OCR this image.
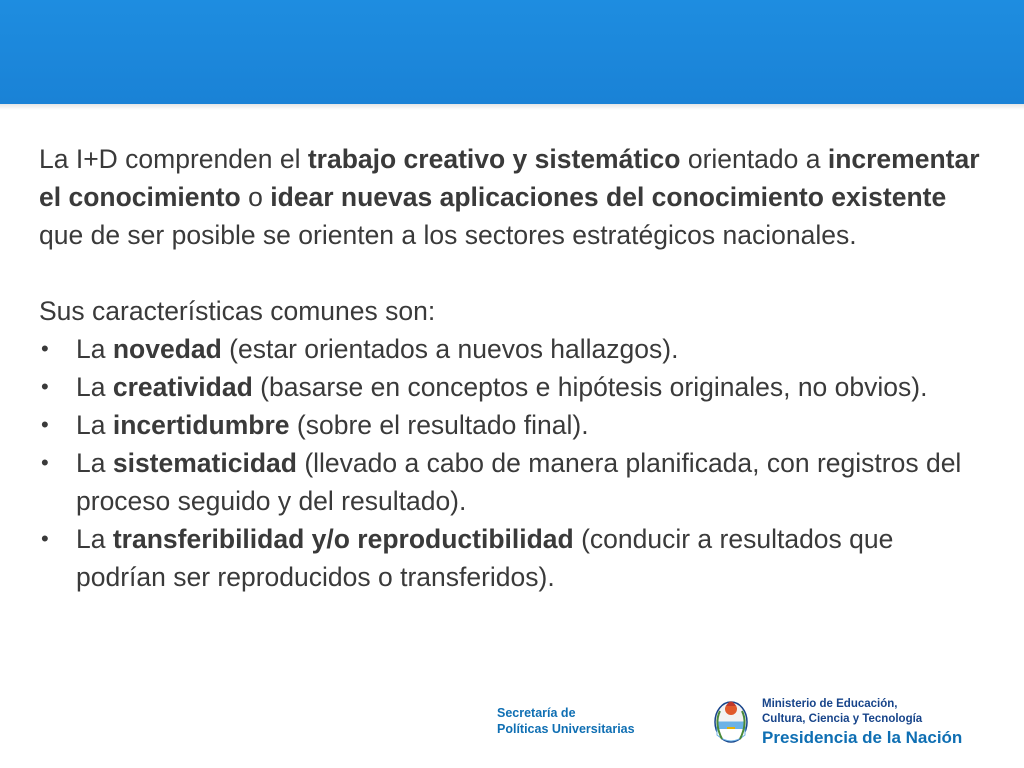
La I+D comprenden el trabajo creativo y sistemático orientado a incrementar el conocimiento o idear nuevas aplicaciones del conocimiento existente que de ser posible se orienten a los sectores estratégicos nacionales.

Sus características comunes son:

• La novedad (estar orientados a nuevos hallazgos).
• La creatividad (basarse en conceptos e hipótesis originales, no obvios).
• La incertidumbre (sobre el resultado final).
• La sistematicidad (llevado a cabo de manera planificada, con registros del proceso seguido y del resultado).
• La transferibilidad y/o reproductibilidad (conducir a resultados que podrían ser reproducidos o transferidos).
Secretaría de
Políticas Universitarias
Ministerio de Educación,
Cultura, Ciencia y Tecnología
Presidencia de la Nación
